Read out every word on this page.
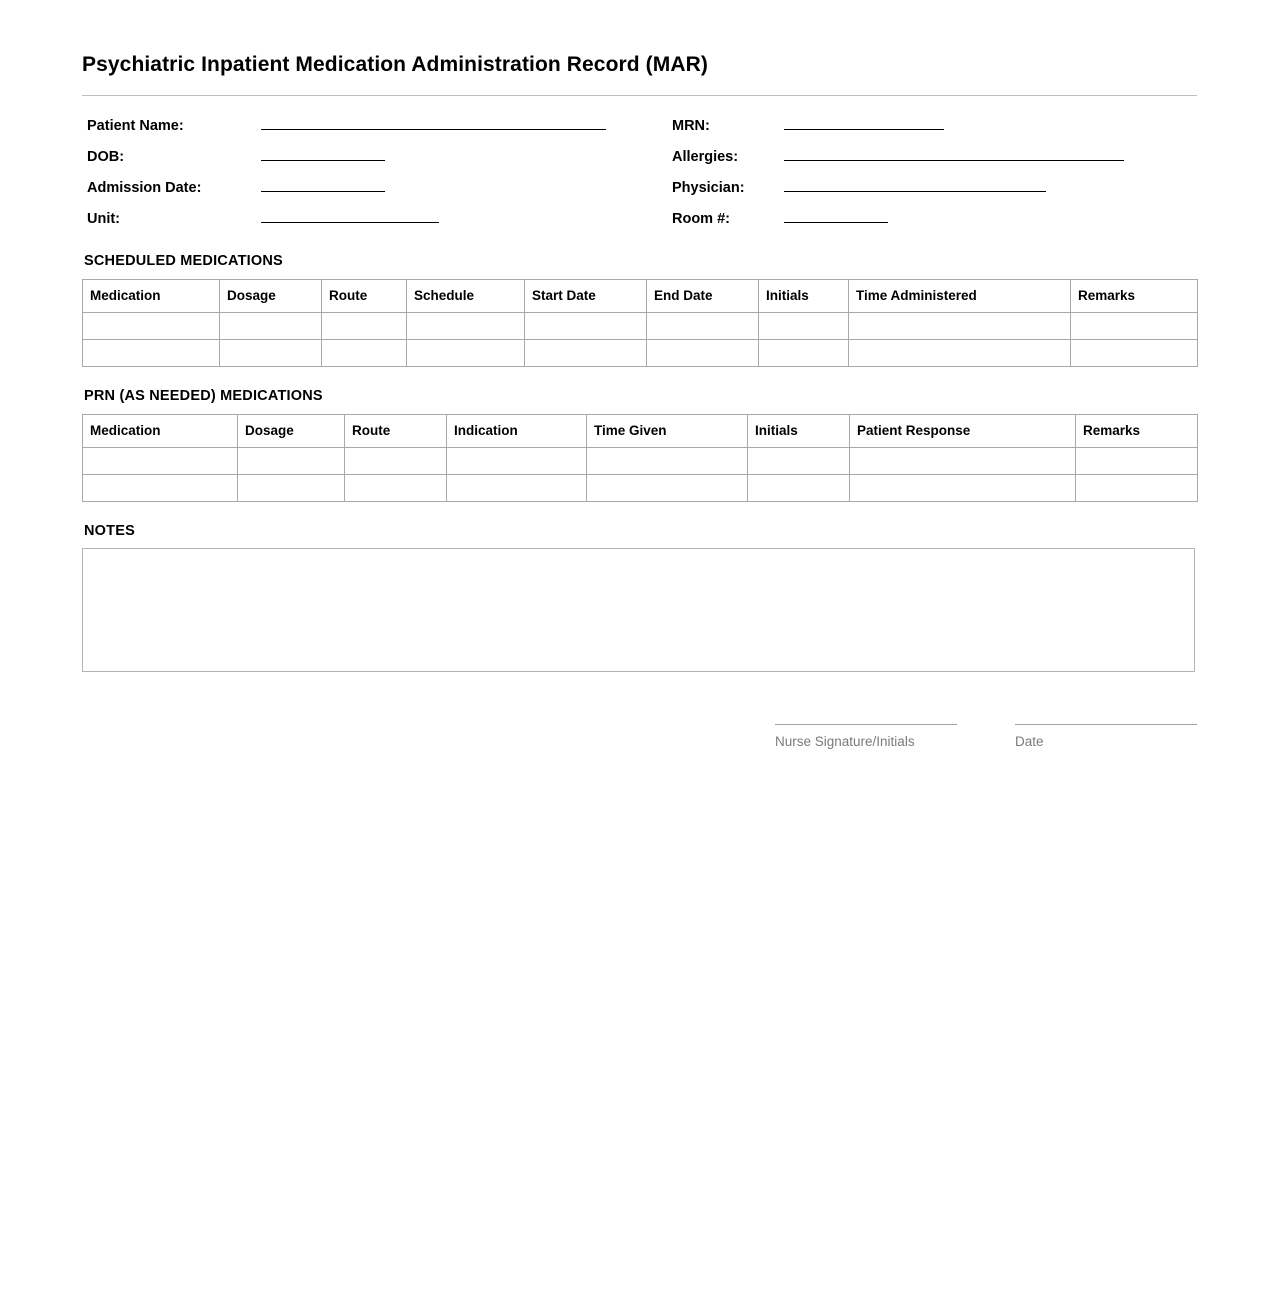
Psychiatric Inpatient Medication Administration Record (MAR)
Patient Name:
DOB:
Admission Date:
Unit:
MRN:
Allergies:
Physician:
Room #:
SCHEDULED MEDICATIONS
Medication	Dosage	Route	Schedule	Start Date	End Date	Initials	Time Administered	Remarks

PRN (AS NEEDED) MEDICATIONS
Medication	Dosage	Route	Indication	Time Given	Initials	Patient Response	Remarks

NOTES
Nurse Signature/Initials	Date
